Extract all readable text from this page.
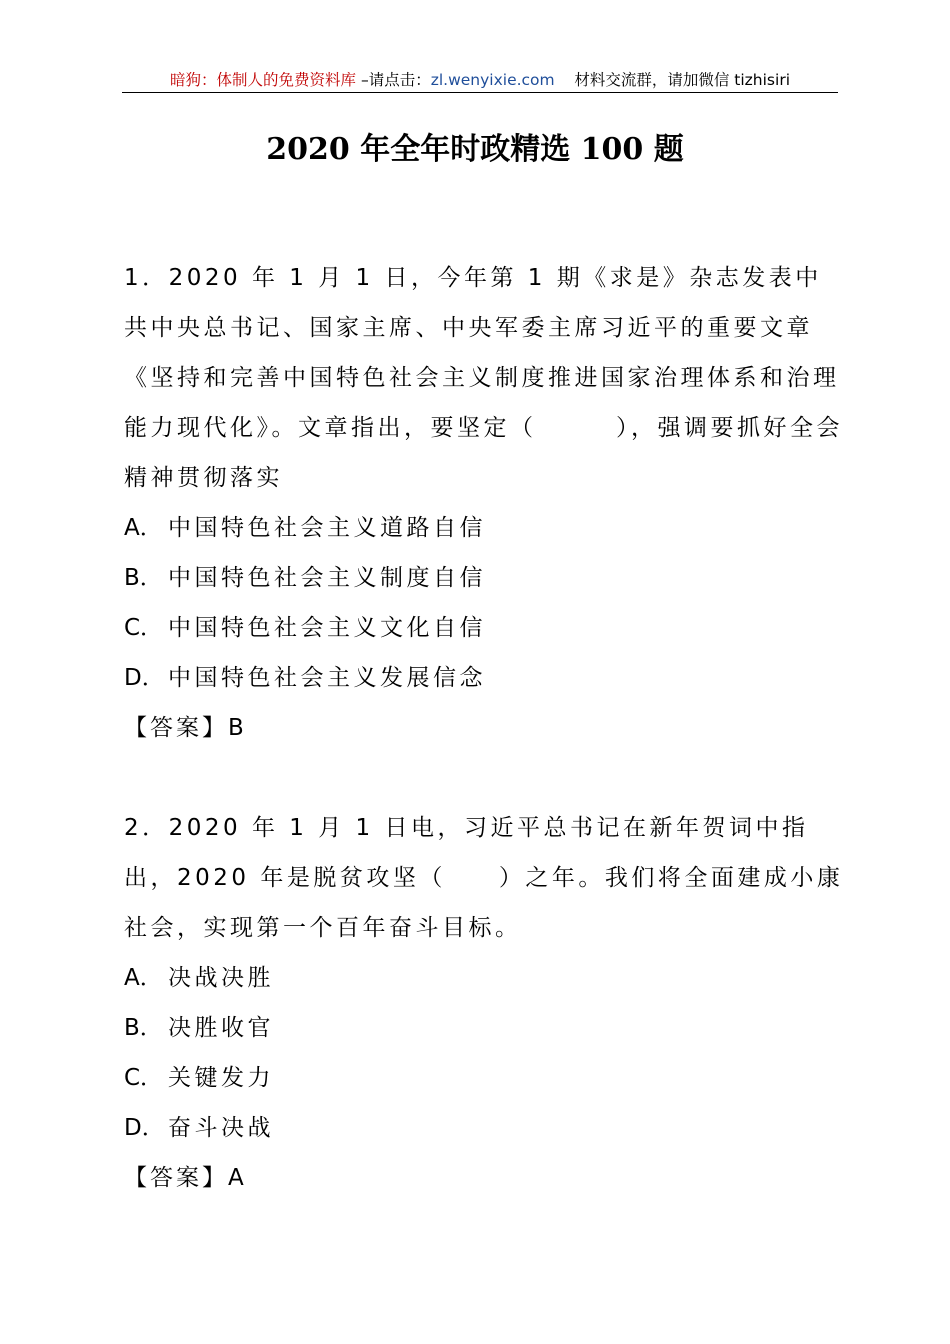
暗狗：体制人的免费资料库 –请点击：zl.wenyixie.com 材料交流群，请加微信 tizhisiri
2020 年全年时政精选 100 题

1．2020 年 1 月 1 日，今年第 1 期《求是》杂志发表中共中央总书记、国家主席、中央军委主席习近平的重要文章《坚持和完善中国特色社会主义制度推进国家治理体系和治理能力现代化》。文章指出，要坚定（　　　），强调要抓好全会精神贯彻落实

A． 中国特色社会主义道路自信

B． 中国特色社会主义制度自信

C． 中国特色社会主义文化自信

D． 中国特色社会主义发展信念

【答案】B

2．2020 年 1 月 1 日电，习近平总书记在新年贺词中指出，2020 年是脱贫攻坚（　　）之年。我们将全面建成小康社会，实现第一个百年奋斗目标。

A． 决战决胜

B． 决胜收官

C． 关键发力

D． 奋斗决战

【答案】A
